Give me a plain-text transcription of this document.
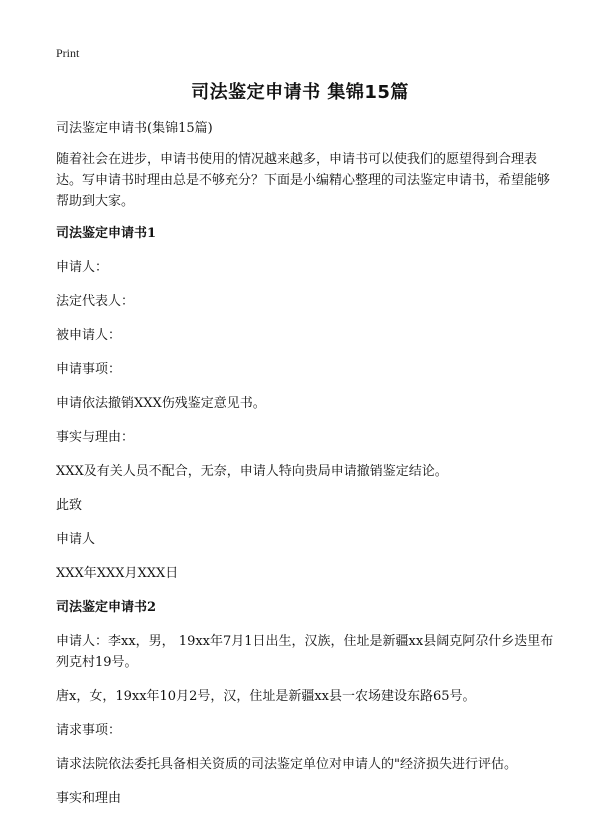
Print
司法鉴定申请书 集锦15篇

司法鉴定申请书(集锦15篇)

随着社会在进步，申请书使用的情况越来越多，申请书可以使我们的愿望得到合理表达。写申请书时理由总是不够充分？下面是小编精心整理的司法鉴定申请书，希望能够帮助到大家。

司法鉴定申请书1

申请人：

法定代表人：

被申请人：

申请事项：

申请依法撤销XXX伤残鉴定意见书。

事实与理由：

XXX及有关人员不配合，无奈，申请人特向贵局申请撤销鉴定结论。

此致

申请人

XXX年XXX月XXX日

司法鉴定申请书2

申请人：李xx，男， 19xx年7月1日出生，汉族，住址是新疆xx县阔克阿尕什乡迭里布列克村19号。

唐x，女，19xx年10月2号，汉，住址是新疆xx县一农场建设东路65号。

请求事项：

请求法院依法委托具备相关资质的司法鉴定单位对申请人的"经济损失进行评估。

事实和理由
